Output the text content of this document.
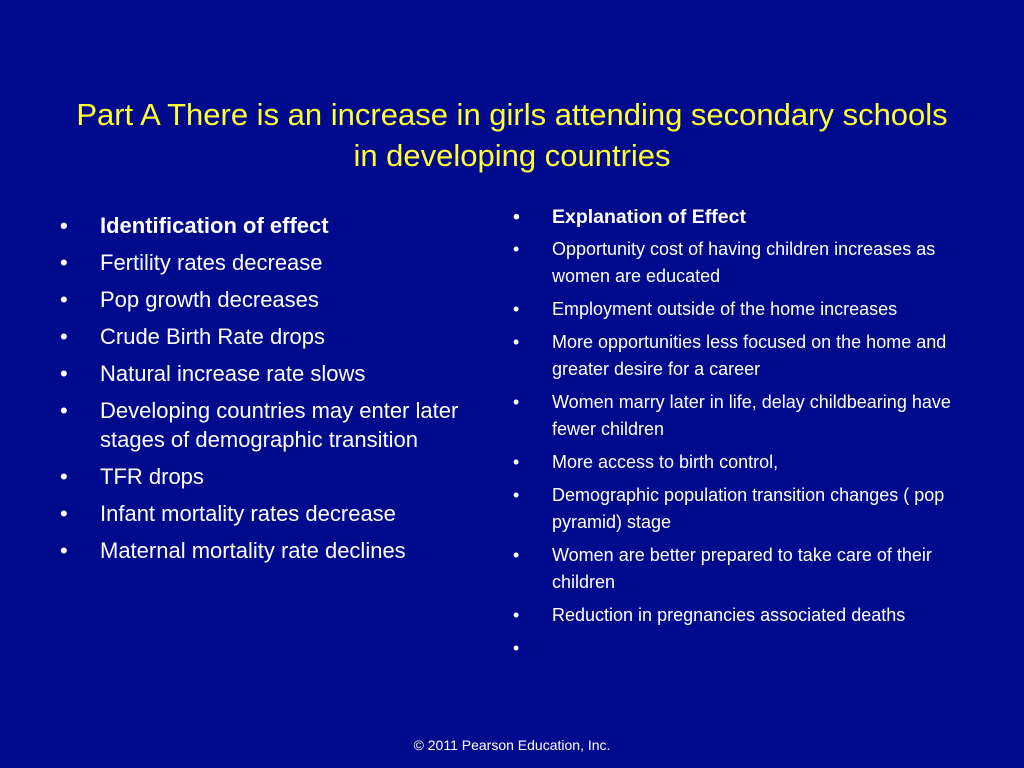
Part A There is an increase in girls attending secondary schools in developing countries
• Identification of effect
• Fertility rates decrease
• Pop growth decreases
• Crude Birth Rate drops
• Natural increase rate slows
• Developing countries may enter later stages of demographic transition
• TFR drops
• Infant mortality rates decrease
• Maternal mortality rate declines
• Explanation of Effect
• Opportunity cost of having children increases as women are educated
• Employment outside of the home increases
• More opportunities less focused on the home and greater desire for a career
• Women marry later in life, delay childbearing have fewer children
• More access to birth control,
• Demographic population transition changes ( pop pyramid) stage
• Women are better prepared to take care of their children
• Reduction in pregnancies associated deaths
•

© 2011 Pearson Education, Inc.
